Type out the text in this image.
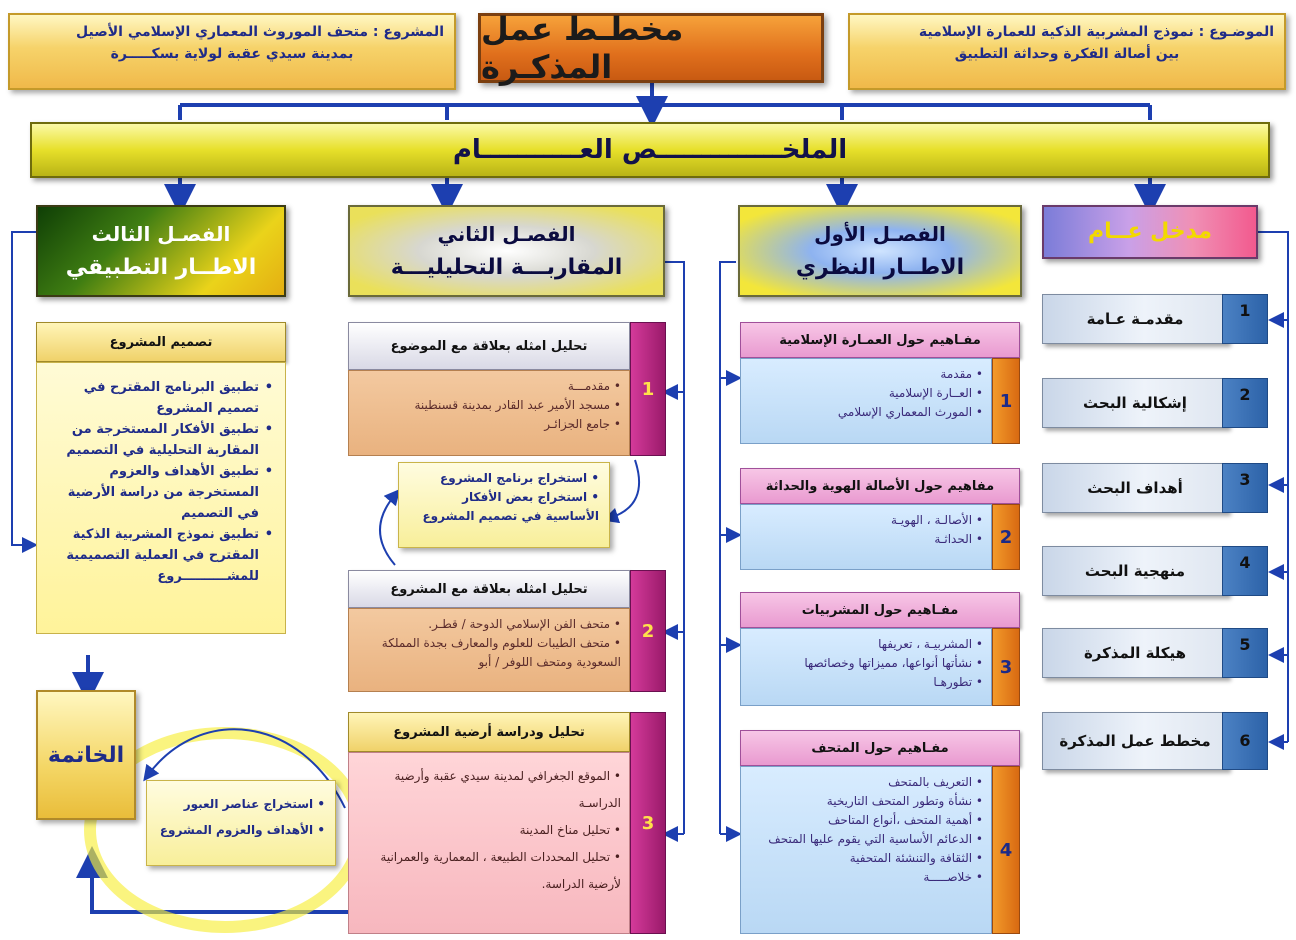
المشروع : متحف الموروث المعماري الإسلامي الأصيل
بمدينة سيدي عقبة لولاية بسكـــــرة
مخطـط عمل المذكـرة
الموضـوع : نموذج المشربية الذكية للعمارة الإسلامية
بين أصالة الفكرة وحداثة التطبيق
الملخــــــــــــــص العـــــــــــام
مدخل عــام
الفصـل الأول
الاطــار النظري
الفصـل الثاني
المقاربـــة التحليليـــة
الفصـل الثالث
الاطــار التطبيقي
مقدمـة عـامة	1
إشكالية البحث	2
أهداف البحث	3
منهجية البحث	4
هيكلة المذكرة	5
مخطط عمل المذكرة	6
مفـاهيم حول العمـارة الإسلامية
• مقدمة
• العــارة الإسلامية
• المورث المعماري الإسلامي
1
مفاهيم حول الأصالة الهوية والحداثة
• الأصالـة ، الهويـة
• الحداثـة	2
مفـاهيم حول المشربيات
• المشربيـة ، تعريفها
• نشأتها أنواعها، مميزاتها وخصائصها
• تطورهـا
3
مفـاهيم حول المتحف
• التعريف بالمتحف
• نشأة وتطور المتحف التاريخية
• أهمية المتحف ،أنواع المتاحف
• الدعائم الأساسية التي يقوم عليها المتحف
• الثقافة والتنشئة المتحفية
• خلاصـــــة
4
تحليل امثله بعلاقة مع الموضوع
• مقدمـــة
• مسجد الأمير عبد القادر بمدينة قسنطينة
• جامع الجزائـر
1
• استخراج برنامج المشروع
• استخراج بعض الأفكار الأساسية في تصميم المشروع
تحليل امثله بعلاقة مع المشروع
• متحف الفن الإسلامي الدوحة / قطـر.
• متحف الطيبات للعلوم والمعارف بجدة المملكة السعودية ومتحف اللوفر / أبو
2
تحليل ودراسة أرضية المشروع
• الموقع الجغرافي لمدينة سيدي عقبة وأرضية الدراسـة
• تحليل مناخ المدينة
• تحليل المحددات الطبيعة ، المعمارية والعمرانية لأرضية الدراسة.
3
• استخراج عناصر العبور
• الأهداف والعزوم المشروع
تصميم المشروع
• تطبيق البرنامج المقترح في تصميم المشروع
• تطبيق الأفكار المستخرجة من المقاربة التحليلية في التصميم
• تطبيق الأهداف والعزوم المستخرجة من دراسة الأرضية في التصميم
• تطبيق نموذج المشربية الذكية المقترح في العملية التصميمية للمشــــــــــروع
الخاتمة
